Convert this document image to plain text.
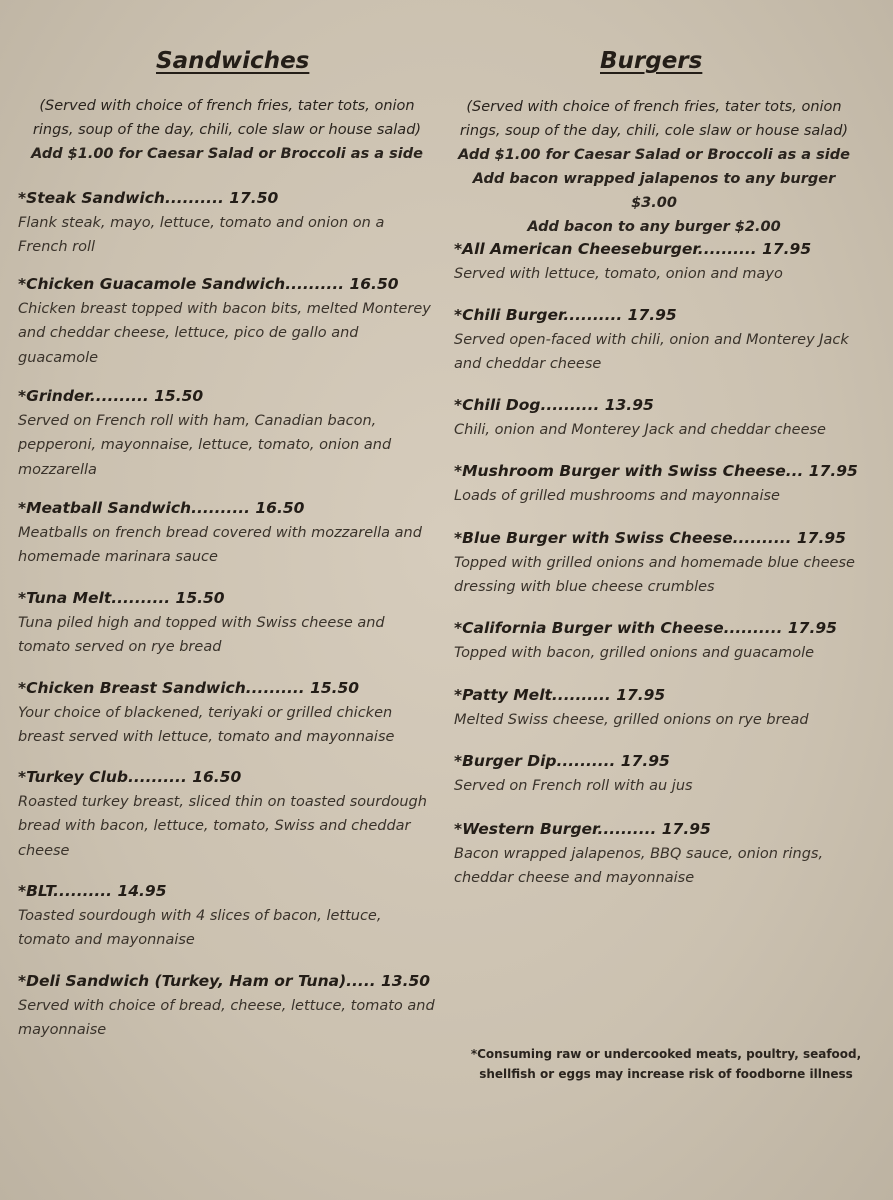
Sandwiches
(Served with choice of french fries, tater tots, onion
rings, soup of the day, chili, cole slaw or house salad)
Add $1.00 for Caesar Salad or Broccoli as a side
*Steak Sandwich.......... 17.50
Flank steak, mayo, lettuce, tomato and onion on a French roll
*Chicken Guacamole Sandwich.......... 16.50
Chicken breast topped with bacon bits, melted Monterey and cheddar cheese, lettuce, pico de gallo and guacamole
*Grinder.......... 15.50
Served on French roll with ham, Canadian bacon, pepperoni, mayonnaise, lettuce, tomato, onion and mozzarella
*Meatball Sandwich.......... 16.50
Meatballs on french bread covered with mozzarella and homemade marinara sauce
*Tuna Melt.......... 15.50
Tuna piled high and topped with Swiss cheese and tomato served on rye bread
*Chicken Breast Sandwich.......... 15.50
Your choice of blackened, teriyaki or grilled chicken breast served with lettuce, tomato and mayonnaise
*Turkey Club.......... 16.50
Roasted turkey breast, sliced thin on toasted sourdough bread with bacon, lettuce, tomato, Swiss and cheddar cheese
*BLT.......... 14.95
Toasted sourdough with 4 slices of bacon, lettuce, tomato and mayonnaise
*Deli Sandwich (Turkey, Ham or Tuna)..... 13.50
Served with choice of bread, cheese, lettuce, tomato and mayonnaise
Burgers
(Served with choice of french fries, tater tots, onion
rings, soup of the day, chili, cole slaw or house salad)
Add $1.00 for Caesar Salad or Broccoli as a side
Add bacon wrapped jalapenos to any burger $3.00
Add bacon to any burger $2.00
*All American Cheeseburger.......... 17.95
Served with lettuce, tomato, onion and mayo
*Chili Burger.......... 17.95
Served open-faced with chili, onion and Monterey Jack and cheddar cheese
*Chili Dog.......... 13.95
Chili, onion and Monterey Jack and cheddar cheese
*Mushroom Burger with Swiss Cheese... 17.95
Loads of grilled mushrooms and mayonnaise
*Blue Burger with Swiss Cheese.......... 17.95
Topped with grilled onions and homemade blue cheese dressing with blue cheese crumbles
*California Burger with Cheese.......... 17.95
Topped with bacon, grilled onions and guacamole
*Patty Melt.......... 17.95
Melted Swiss cheese, grilled onions on rye bread
*Burger Dip.......... 17.95
Served on French roll with au jus
*Western Burger.......... 17.95
Bacon wrapped jalapenos, BBQ sauce, onion rings, cheddar cheese and mayonnaise
*Consuming raw or undercooked meats, poultry, seafood,
shellfish or eggs may increase risk of foodborne illness
